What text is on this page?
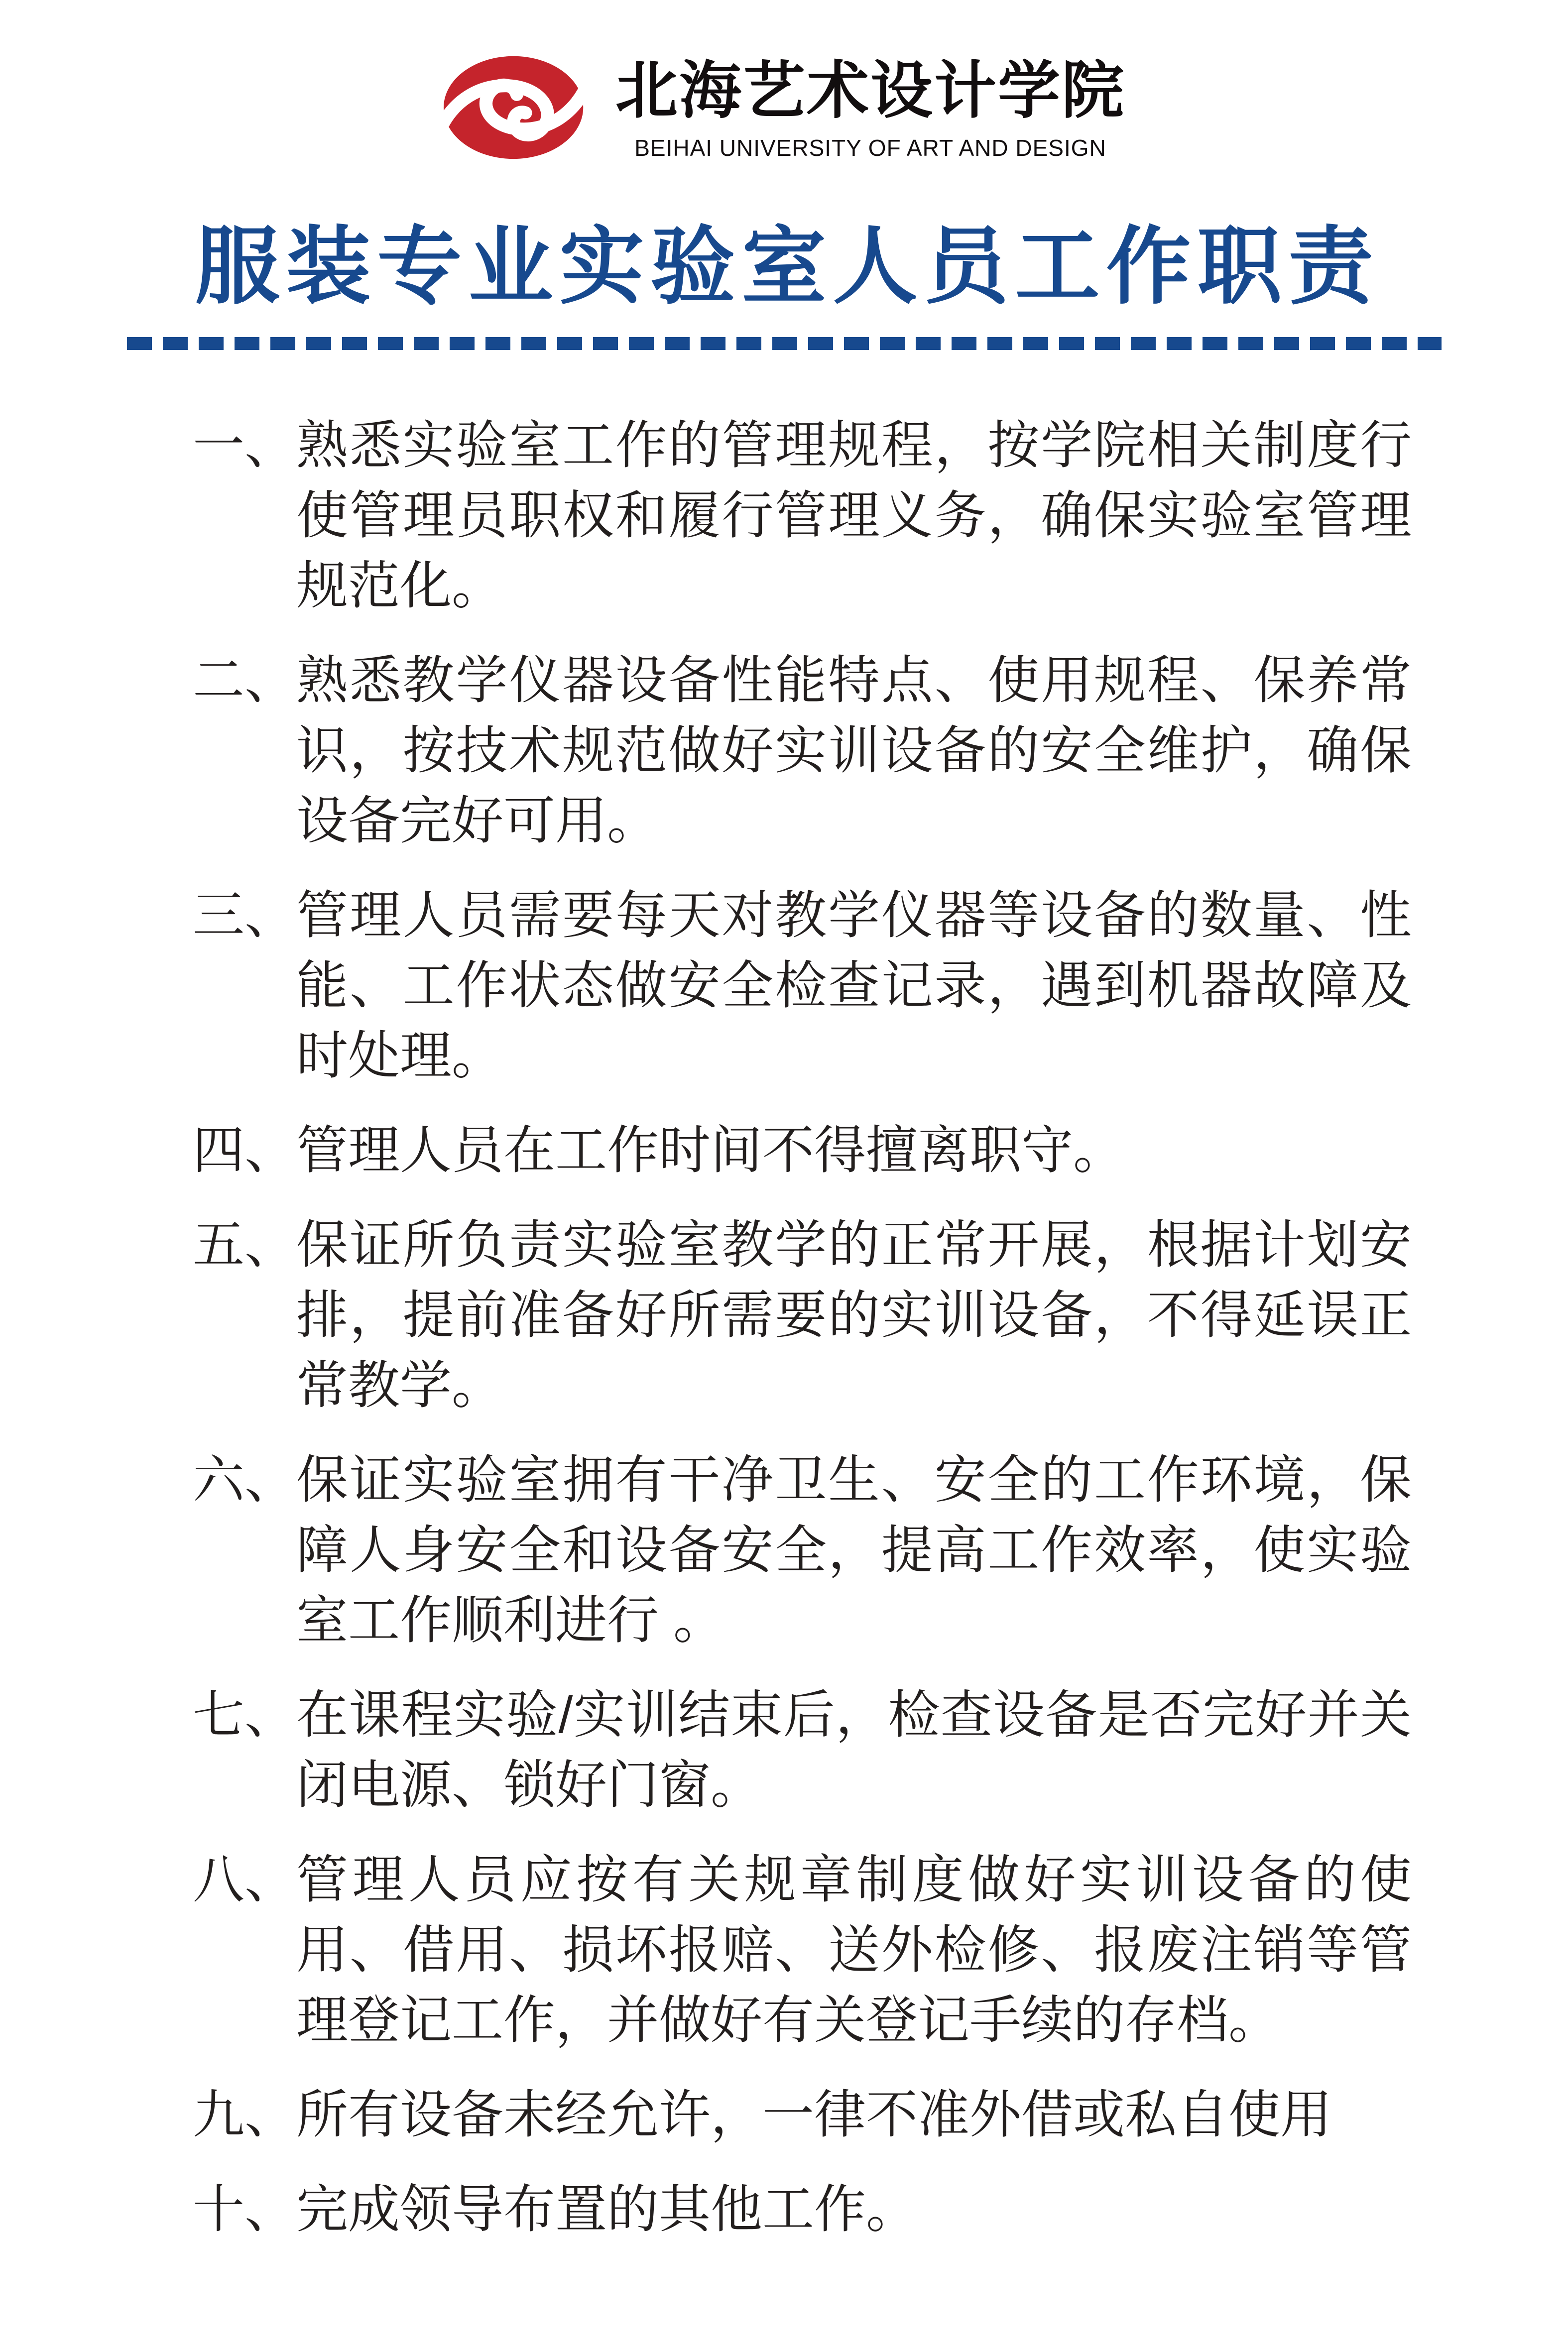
北海艺术设计学院
BEIHAI UNIVERSITY OF ART AND DESIGN
服装专业实验室人员工作职责
一、 熟悉实验室工作的管理规程，按学院相关制度行使管理员职权和履行管理义务，确保实验室管理规范化。
二、 熟悉教学仪器设备性能特点、使用规程、保养常识，按技术规范做好实训设备的安全维护，确保设备完好可用。
三、 管理人员需要每天对教学仪器等设备的数量、性能、工作状态做安全检查记录，遇到机器故障及时处理。
四、 管理人员在工作时间不得擅离职守。
五、 保证所负责实验室教学的正常开展，根据计划安排，提前准备好所需要的实训设备，不得延误正常教学。
六、 保证实验室拥有干净卫生、安全的工作环境，保障人身安全和设备安全，提高工作效率，使实验室工作顺利进行 。
七、 在课程实验/实训结束后，检查设备是否完好并关闭电源、锁好门窗。
八、 管理人员应按有关规章制度做好实训设备的使用、借用、损坏报赔、送外检修、报废注销等管理登记工作，并做好有关登记手续的存档。
九、 所有设备未经允许，一律不准外借或私自使用
十、 完成领导布置的其他工作。
